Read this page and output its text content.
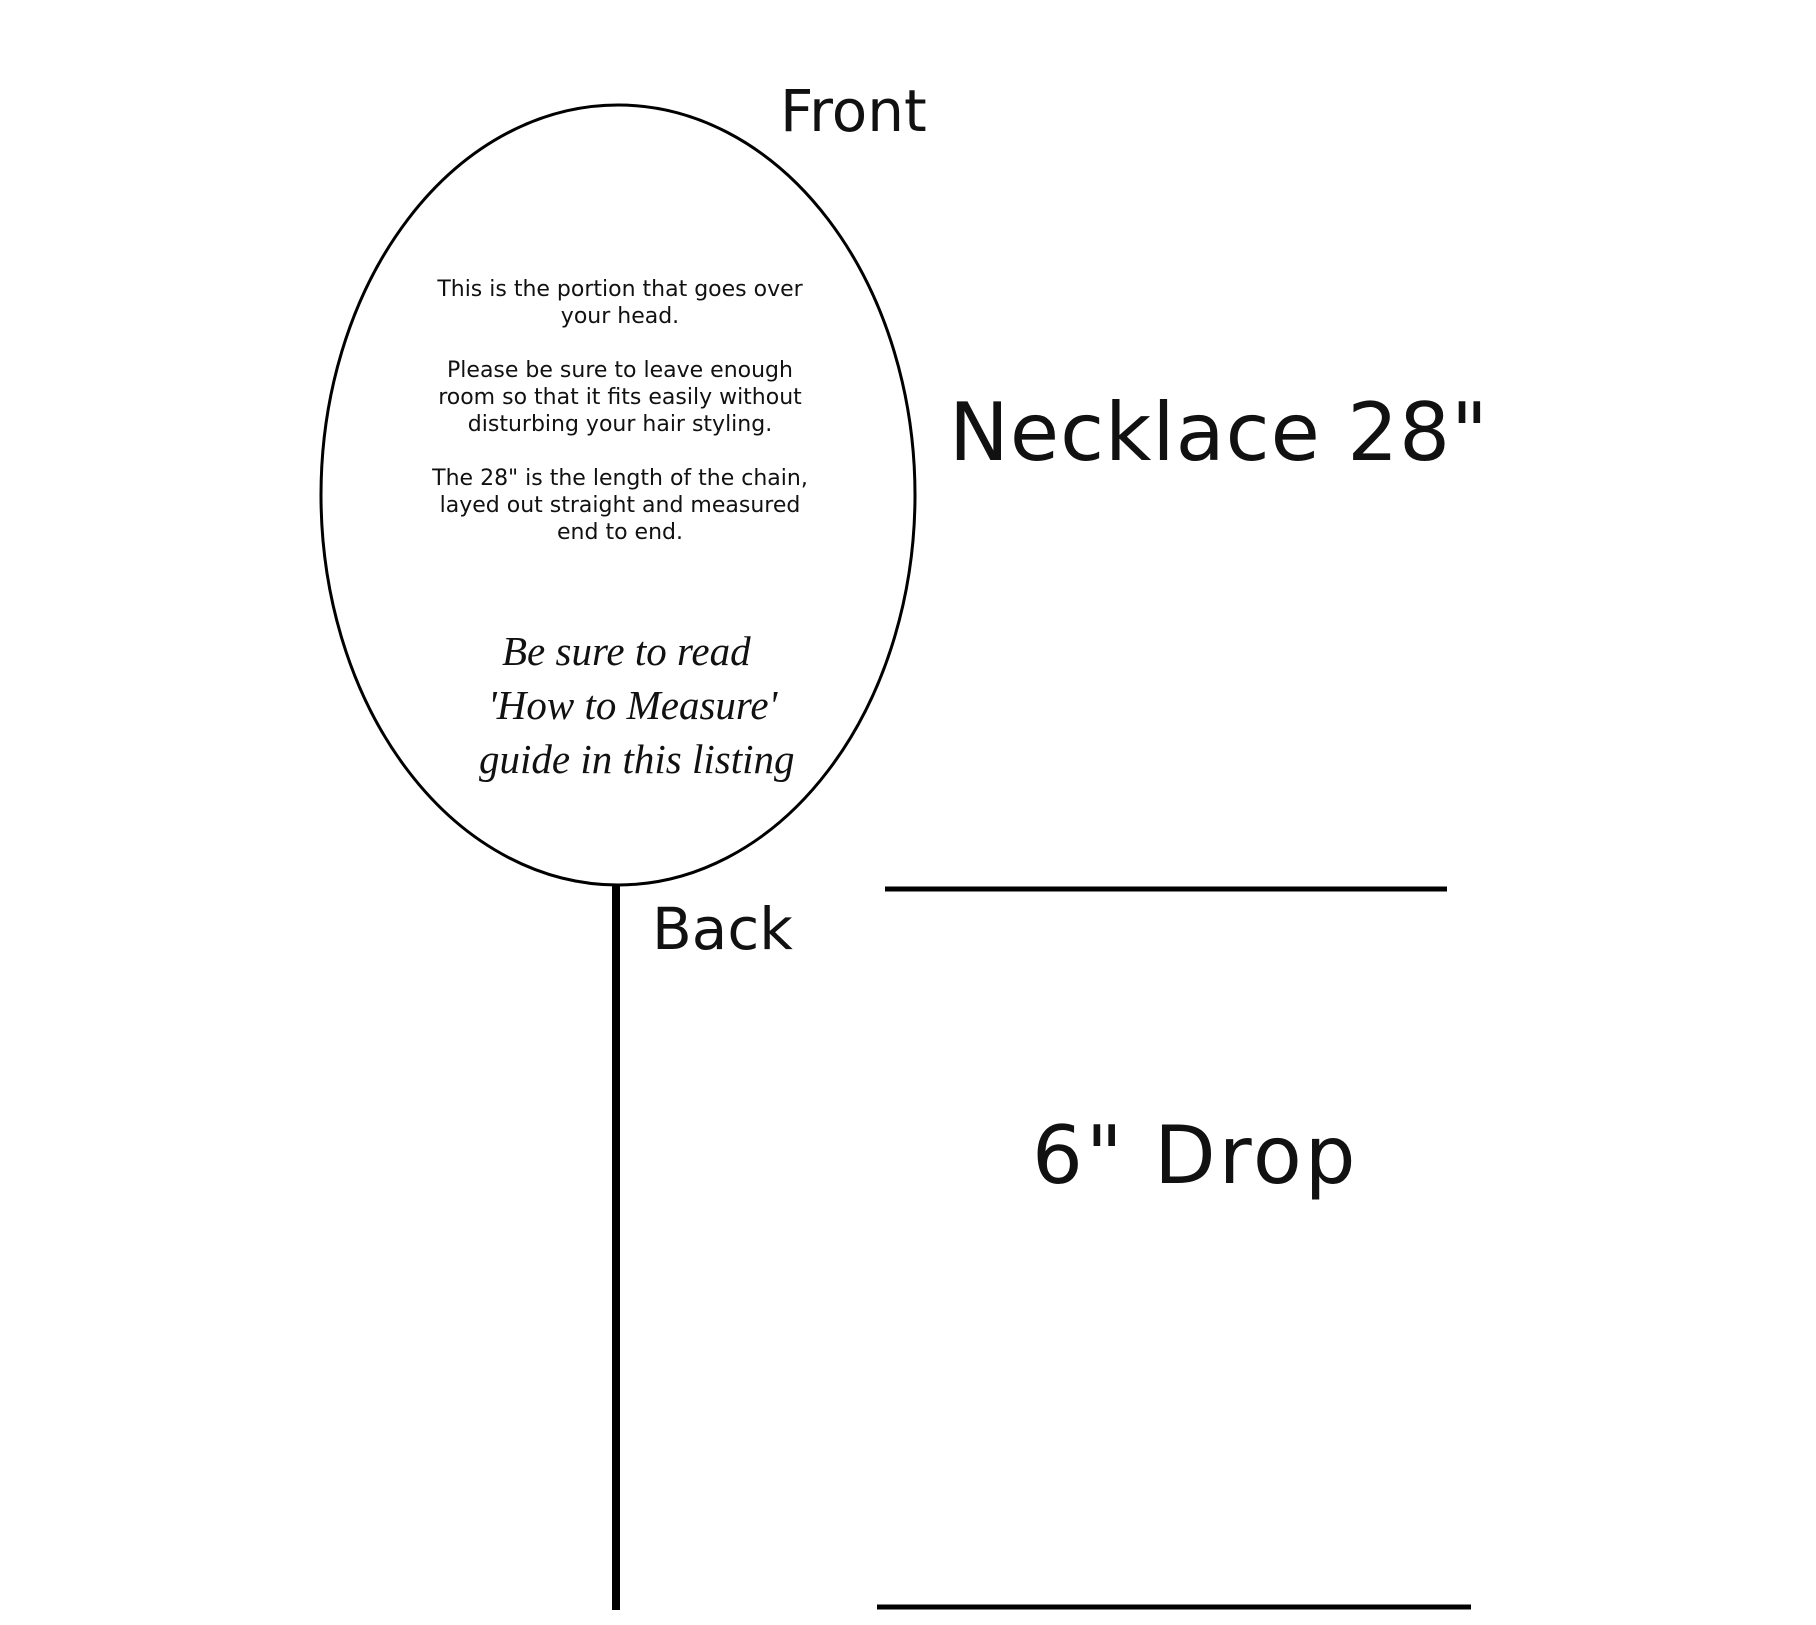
Front
Back
Necklace 28"
6" Drop

This is the portion that goes over your head.

Please be sure to leave enough room so that it fits easily without disturbing your hair styling.

The 28" is the length of the chain, layed out straight and measured end to end.

Be sure to read
'How to Measure'
guide in this listing
